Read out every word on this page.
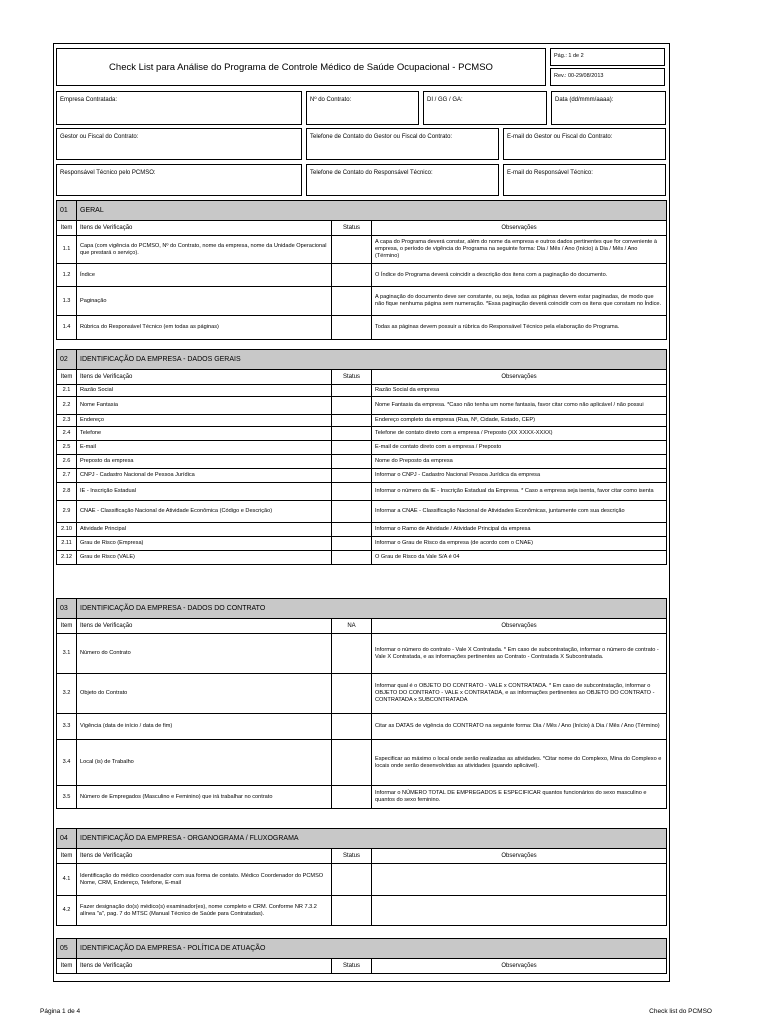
Check List para Análise do Programa de Controle Médico de Saúde Ocupacional - PCMSO
Pág.: 1 de 2
Rev.: 00-29/08/2013
Empresa Contratada:	Nº do Contrato:	DI / GG / GA:	Data (dd/mmm/aaaa):
Gestor ou Fiscal do Contrato:	Telefone de Contato do Gestor ou Fiscal do Contrato:	E-mail do Gestor ou Fiscal do Contrato:
Responsável Técnico pelo PCMSO:	Telefone de Contato do Responsável Técnico:	E-mail do Responsável Técnico:
01	GERAL		
Item	Itens de Verificação	Status	Observações
1.1	Capa (com vigência do PCMSO, Nº do Contrato, nome da empresa, nome da Unidade Operacional que prestará o serviço).		A capa do Programa deverá constar, além do nome da empresa e outros dados pertinentes que for conveniente à empresa, o período de vigência do Programa na seguinte forma: Dia / Mês / Ano (Início) à Dia / Mês / Ano (Término)
1.2	Índice		O Índice do Programa deverá coincidir a descrição dos itens com a paginação do documento.
1.3	Paginação		A paginação do documento deve ser constante, ou seja, todas as páginas devem estar paginadas, de modo que não fique nenhuma página sem numeração. *Essa paginação deverá coincidir com os itens que constam no Índice.
1.4	Rúbrica do Responsável Técnico (em todas as páginas)		Todas as páginas devem possuir a rúbrica do Responsável Técnico pela elaboração do Programa.
02	IDENTIFICAÇÃO DA EMPRESA - DADOS GERAIS		
Item	Itens de Verificação	Status	Observações
2.1	Razão Social		Razão Social da empresa
2.2	Nome Fantasia		Nome Fantasia da empresa. *Caso não tenha um nome fantasia, favor citar como não aplicável / não possui
2.3	Endereço		Endereço completo da empresa (Rua, Nº, Cidade, Estado, CEP)
2.4	Telefone		Telefone de contato direto com a empresa / Preposto (XX XXXX-XXXX)
2.5	E-mail		E-mail de contato direto com a empresa / Preposto
2.6	Preposto da empresa		Nome do Preposto da empresa
2.7	CNPJ - Cadastro Nacional de Pessoa Jurídica		Informar o CNPJ - Cadastro Nacional Pessoa Jurídica da empresa
2.8	IE - Inscrição Estadual		Informar o número da IE - Inscrição Estadual da Empresa. * Caso a empresa seja isenta, favor citar como isenta
2.9	CNAE - Classificação Nacional de Atividade Econômica (Código e Descrição)		Informar a CNAE - Classificação Nacional de Atividades Econômicas, juntamente com sua descrição
2.10	Atividade Principal		Informar o Ramo de Atividade / Atividade Principal da empresa
2.11	Grau de Risco (Empresa)		Informar o Grau de Risco da empresa (de acordo com o CNAE)
2.12	Grau de Risco (VALE)		O Grau de Risco da Vale S/A é 04
03	IDENTIFICAÇÃO DA EMPRESA - DADOS DO CONTRATO		
Item	Itens de Verificação	NA	Observações
3.1	Número do Contrato		Informar o número do contrato - Vale X Contratada. * Em caso de subcontratação, informar o número de contrato - Vale X Contratada, e as informações pertinentes ao Contrato - Contratada X Subcontratada.
3.2	Objeto do Contrato		Informar qual é o OBJETO DO CONTRATO - VALE x CONTRATADA. * Em caso de subcontratação, informar o OBJETO DO CONTRATO - VALE x CONTRATADA, e as informações pertinentes ao OBJETO DO CONTRATO - CONTRATADA x SUBCONTRATADA
3.3	Vigência (data de início / data de fim)		Citar as DATAS de vigência do CONTRATO na seguinte forma: Dia / Mês / Ano (Início) à Dia / Mês / Ano (Término)
3.4	Local (is) de Trabalho		Especificar ao máximo o local onde serão realizadas as atividades. *Citar nome do Complexo, Mina do Complexo e locais onde serão desenvolvidas as atividades (quando aplicável).
3.5	Número de Empregados (Masculino e Feminino) que irá trabalhar no contrato		Informar o NÚMERO TOTAL DE EMPREGADOS E ESPECIFICAR quantos funcionários do sexo masculino e quantos do sexo feminino.
04	IDENTIFICAÇÃO DA EMPRESA - ORGANOGRAMA / FLUXOGRAMA		
Item	Itens de Verificação	Status	Observações
4.1	Identificação do médico coordenador com sua forma de contato. Médico Coordenador do PCMSO Nome, CRM, Endereço, Telefone, E-mail		
4.2	Fazer designação do(s) médico(s) examinador(es), nome completo e CRM. Conforme NR 7.3.2 alínea "a", pag. 7 do MTSC (Manual Técnico de Saúde para Contratadas).		
05	IDENTIFICAÇÃO DA EMPRESA - POLÍTICA DE ATUAÇÃO		
Item	Itens de Verificação	Status	Observações
Página 1 de 4	Check list do PCMSO
